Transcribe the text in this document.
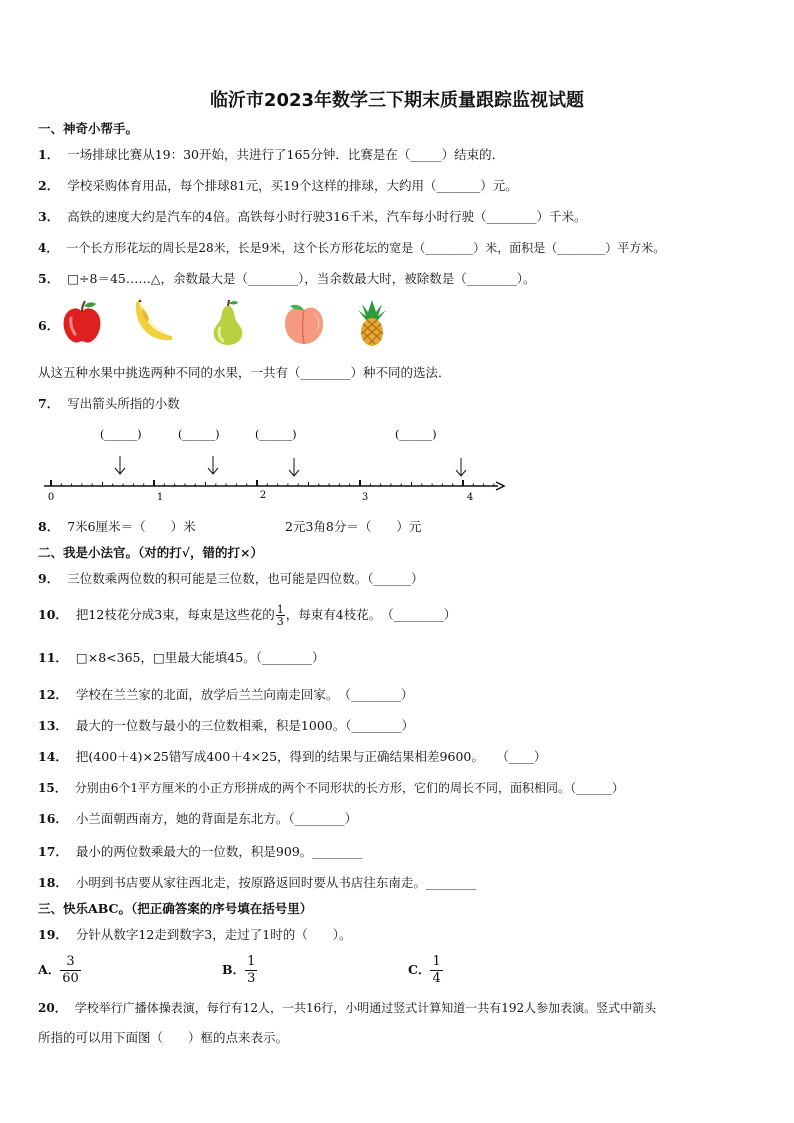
临沂市2023年数学三下期末质量跟踪监视试题
一、神奇小帮手。
1． 一场排球比赛从19：30开始，共进行了165分钟．比赛是在（_____）结束的．
2． 学校采购体育用品，每个排球81元，买19个这样的排球，大约用（_______）元。
3． 高铁的速度大约是汽车的4倍。高铁每小时行驶316千米，汽车每小时行驶（________）千米。
4． 一个长方形花坛的周长是28米，长是9米，这个长方形花坛的宽是（________）米，面积是（________）平方米。
5． □÷8＝45……△，余数最大是（________），当余数最大时，被除数是（________）。
6．
从这五种水果中挑选两种不同的水果，一共有（________）种不同的选法．
7． 写出箭头所指的小数
(______)	(______)	(______)	(______)
0	1	2	3	4
8． 7米6厘米＝（　　）米	2元3角8分＝（　　）元
二、我是小法官。（对的打√，错的打×）
9． 三位数乘两位数的积可能是三位数，也可能是四位数。（______）
10． 把12枝花分成3束，每束是这些花的 $\frac{1}{3}$ ，每束有4枝花。　（________）
11． □×8<365，□里最大能填45。（________）
12． 学校在兰兰家的北面，放学后兰兰向南走回家。　（________）
13． 最大的一位数与最小的三位数相乘，积是1000。（________）
14． 把(400＋4)×25错写成400＋4×25，得到的结果与正确结果相差9600。　　（____）
15． 分别由6个1平方厘米的小正方形拼成的两个不同形状的长方形，它们的周长不同，面积相同。（______）
16． 小兰面朝西南方，她的背面是东北方。（________）
17． 最小的两位数乘最大的一位数，积是909。________
18． 小明到书店要从家往西北走，按原路返回时要从书店往东南走。________
三、快乐ABC。（把正确答案的序号填在括号里）
19． 分针从数字12走到数字3，走过了1时的（　　）。
A． $\frac{3}{60}$	B． $\frac{1}{3}$	C． $\frac{1}{4}$
20． 学校举行广播体操表演，每行有12人，一共16行，小明通过竖式计算知道一共有192人参加表演。竖式中箭头
所指的可以用下面图（　　）框的点来表示。
